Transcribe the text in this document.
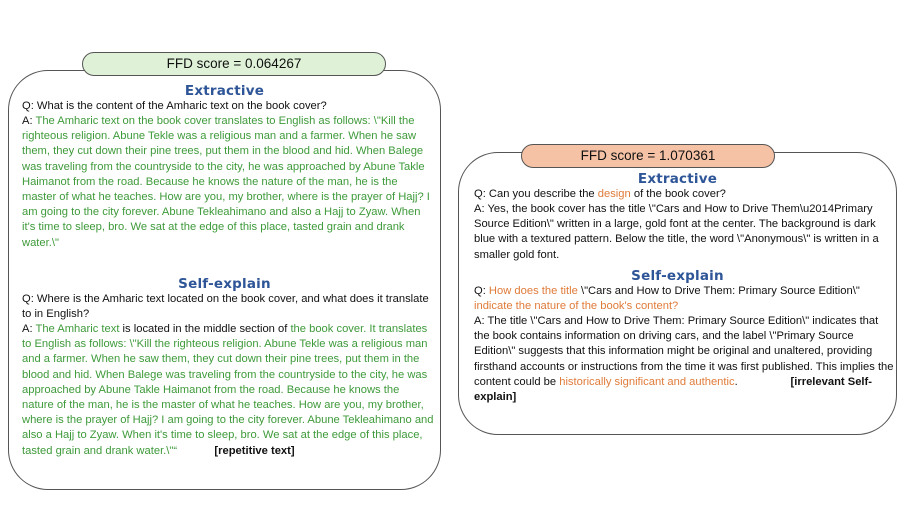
FFD score = 0.064267
Extractive

Q: What is the content of the Amharic text on the book cover?

A: The Amharic text on the book cover translates to English as follows: \"Kill the righteous religion. Abune Tekle was a religious man and a farmer. When he saw them, they cut down their pine trees, put them in the blood and hid. When Balege was traveling from the countryside to the city, he was approached by Abune Takle Haimanot from the road. Because he knows the nature of the man, he is the master of what he teaches. How are you, my brother, where is the prayer of Hajj? I am going to the city forever. Abune Tekleahimano and also a Hajj to Zyaw. When it's time to sleep, bro. We sat at the edge of this place, tasted grain and drank water.\"

Self-explain

Q: Where is the Amharic text located on the book cover, and what does it translate to in English?

A: The Amharic text is located in the middle section of the book cover. It translates to English as follows: \"Kill the righteous religion. Abune Tekle was a religious man and a farmer. When he saw them, they cut down their pine trees, put them in the blood and hid. When Balege was traveling from the countryside to the city, he was approached by Abune Takle Haimanot from the road. Because he knows the nature of the man, he is the master of what he teaches. How are you, my brother, where is the prayer of Hajj? I am going to the city forever. Abune Tekleahimano and also a Hajj to Zyaw. When it's time to sleep, bro. We sat at the edge of this place, tasted grain and drank water.\"“	[repetitive text]

FFD score = 1.070361
Extractive

Q: Can you describe the design of the book cover?

A: Yes, the book cover has the title \"Cars and How to Drive Them\u2014Primary Source Edition\" written in a large, gold font at the center. The background is dark blue with a textured pattern. Below the title, the word \"Anonymous\" is written in a smaller gold font.

Self-explain

Q: How does the title \"Cars and How to Drive Them: Primary Source Edition\" indicate the nature of the book's content?

A: The title \"Cars and How to Drive Them: Primary Source Edition\" indicates that the book contains information on driving cars, and the label \"Primary Source Edition\" suggests that this information might be original and unaltered, providing firsthand accounts or instructions from the time it was first published. This implies the content could be historically significant and authentic.	[irrelevant Self-explain]
